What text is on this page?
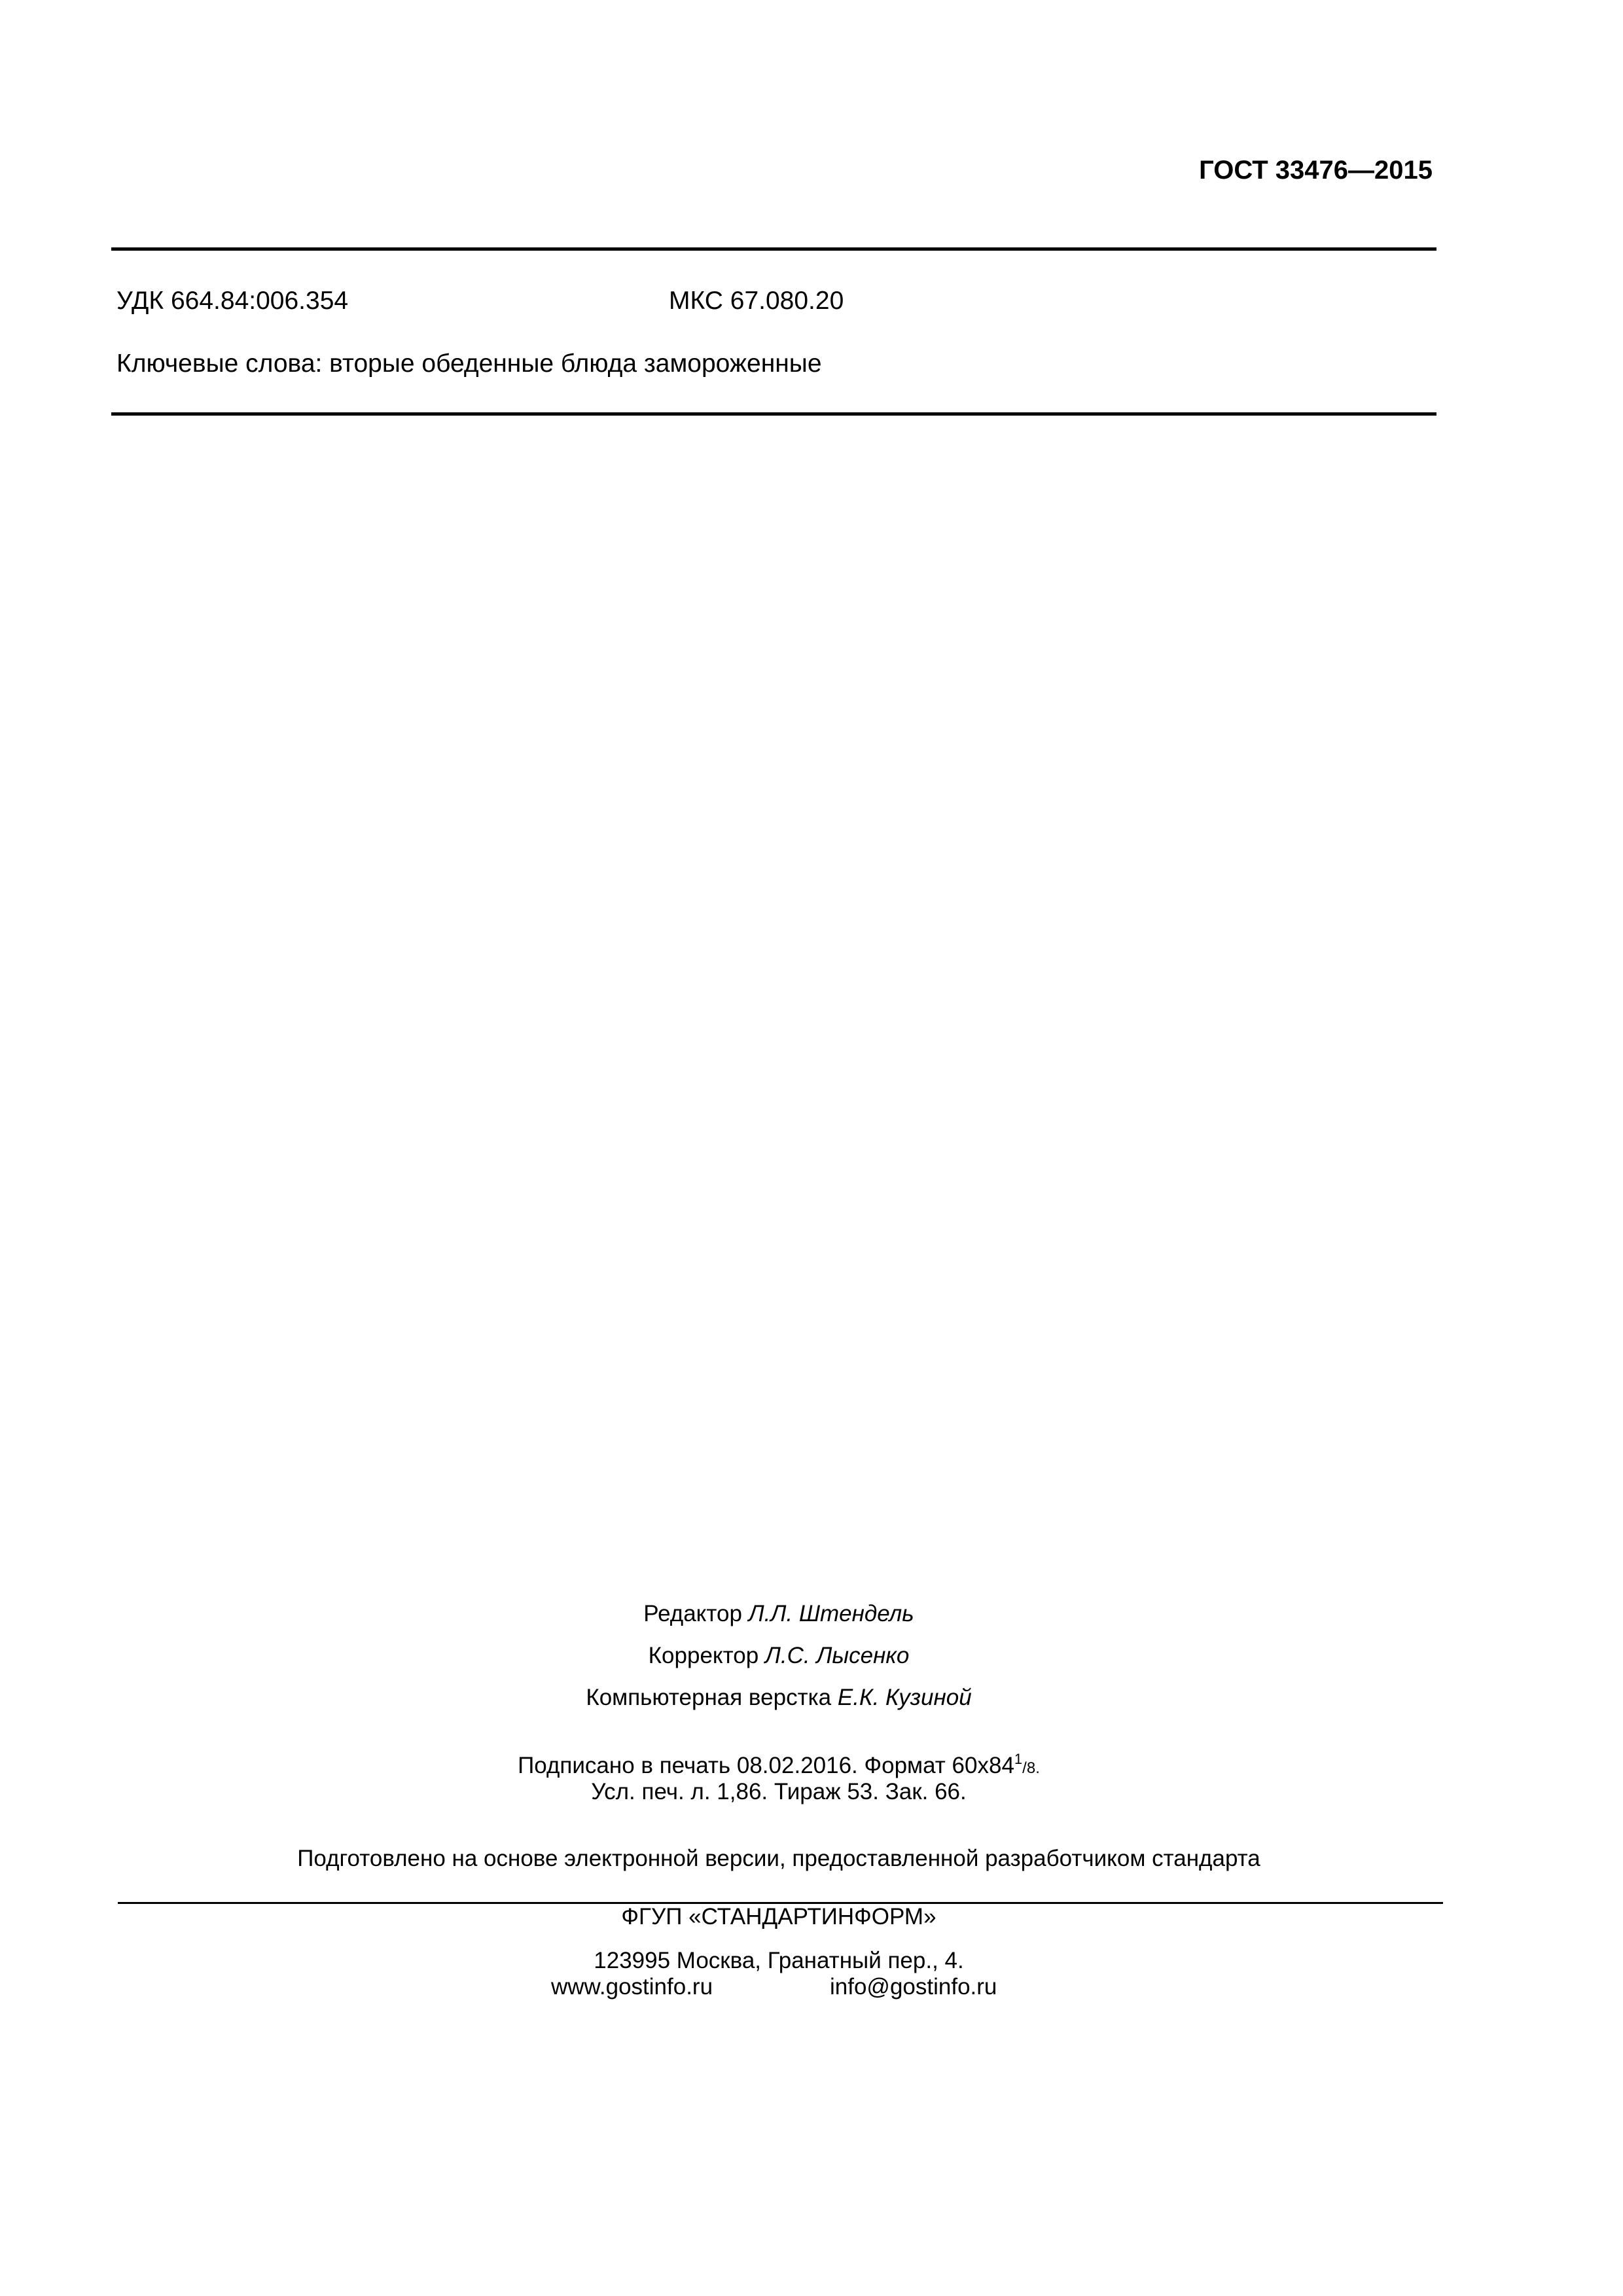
ГОСТ 33476—2015
УДК 664.84:006.354	МКС 67.080.20
Ключевые слова: вторые обеденные блюда замороженные
Редактор Л.Л. Штендель
Корректор Л.С. Лысенко
Компьютерная верстка Е.К. Кузиной
Подписано в печать 08.02.2016. Формат $60х84^1/8$.
Усл. печ. л. 1,86. Тираж 53. Зак. 66.
Подготовлено на основе электронной версии, предоставленной разработчиком стандарта
ФГУП «СТАНДАРТИНФОРМ»
123995 Москва, Гранатный пер., 4.
www.gostinfo.ru	info@gostinfo.ru
